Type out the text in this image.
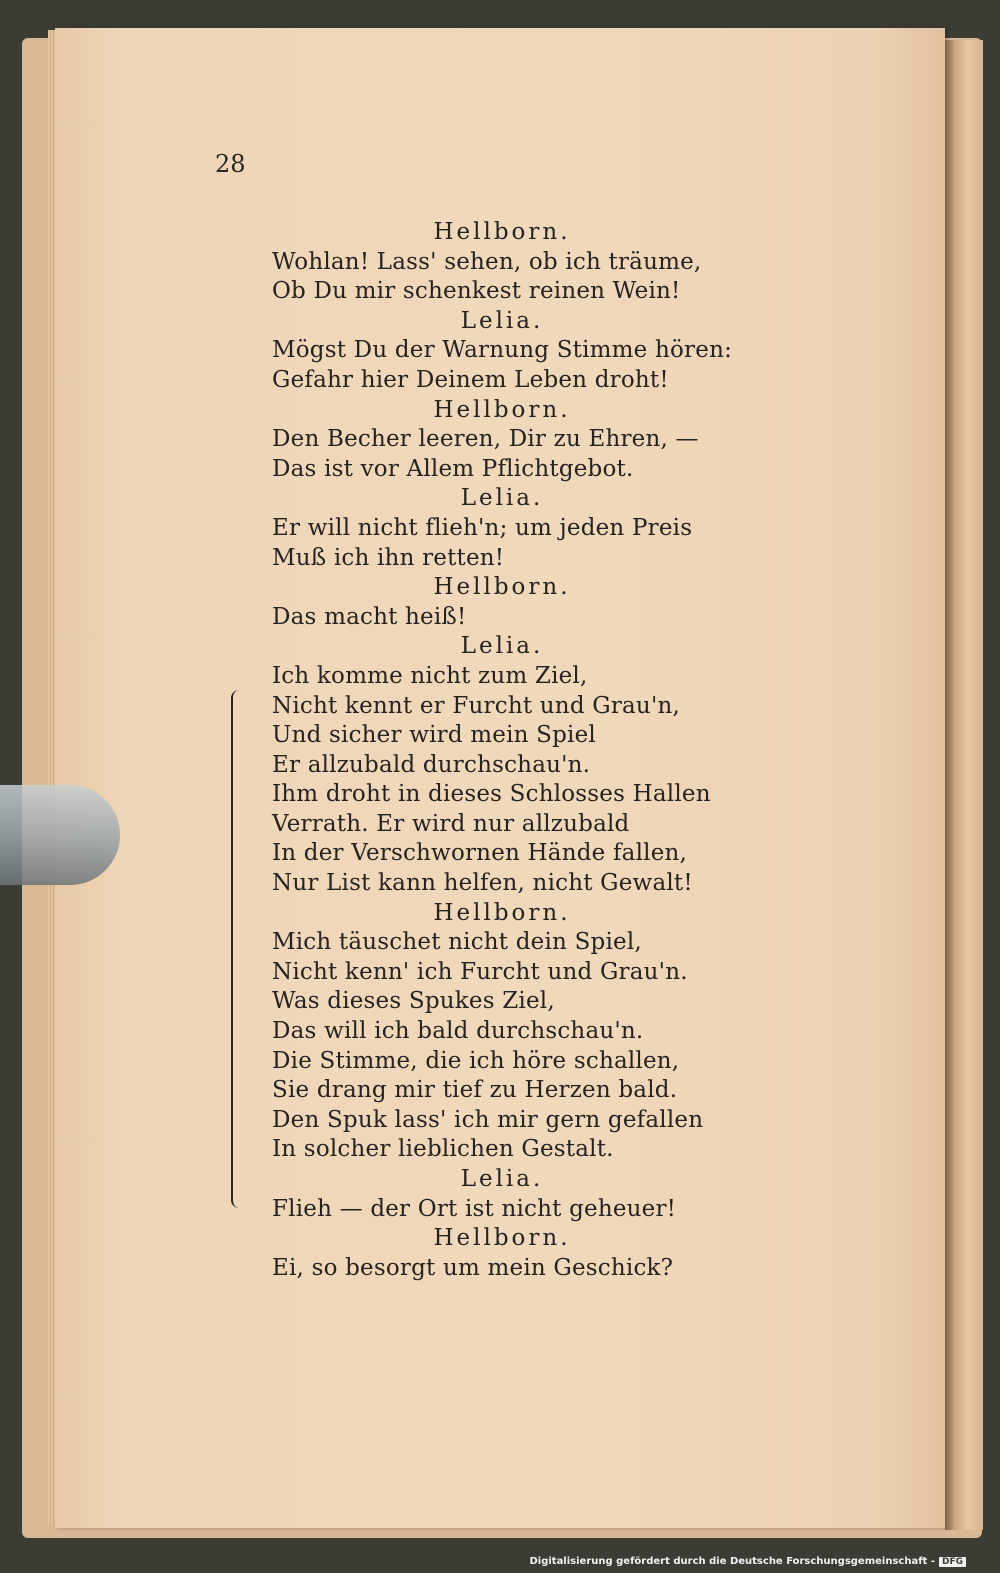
28
Hellborn.
Wohlan! Lass' sehen, ob ich träume,
Ob Du mir schenkest reinen Wein!
Lelia.
Mögst Du der Warnung Stimme hören:
Gefahr hier Deinem Leben droht!
Hellborn.
Den Becher leeren, Dir zu Ehren, —
Das ist vor Allem Pflichtgebot.
Lelia.
Er will nicht flieh'n; um jeden Preis
Muß ich ihn retten!
Hellborn.
Das macht heiß!
Lelia.
Ich komme nicht zum Ziel,
Nicht kennt er Furcht und Grau'n,
Und sicher wird mein Spiel
Er allzubald durchschau'n.
Ihm droht in dieses Schlosses Hallen
Verrath. Er wird nur allzubald
In der Verschwornen Hände fallen,
Nur List kann helfen, nicht Gewalt!
Hellborn.
Mich täuschet nicht dein Spiel,
Nicht kenn' ich Furcht und Grau'n.
Was dieses Spukes Ziel,
Das will ich bald durchschau'n.
Die Stimme, die ich höre schallen,
Sie drang mir tief zu Herzen bald.
Den Spuk lass' ich mir gern gefallen
In solcher lieblichen Gestalt.
Lelia.
Flieh — der Ort ist nicht geheuer!
Hellborn.
Ei, so besorgt um mein Geschick?
Digitalisierung gefördert durch die Deutsche Forschungsgemeinschaft - DFG
